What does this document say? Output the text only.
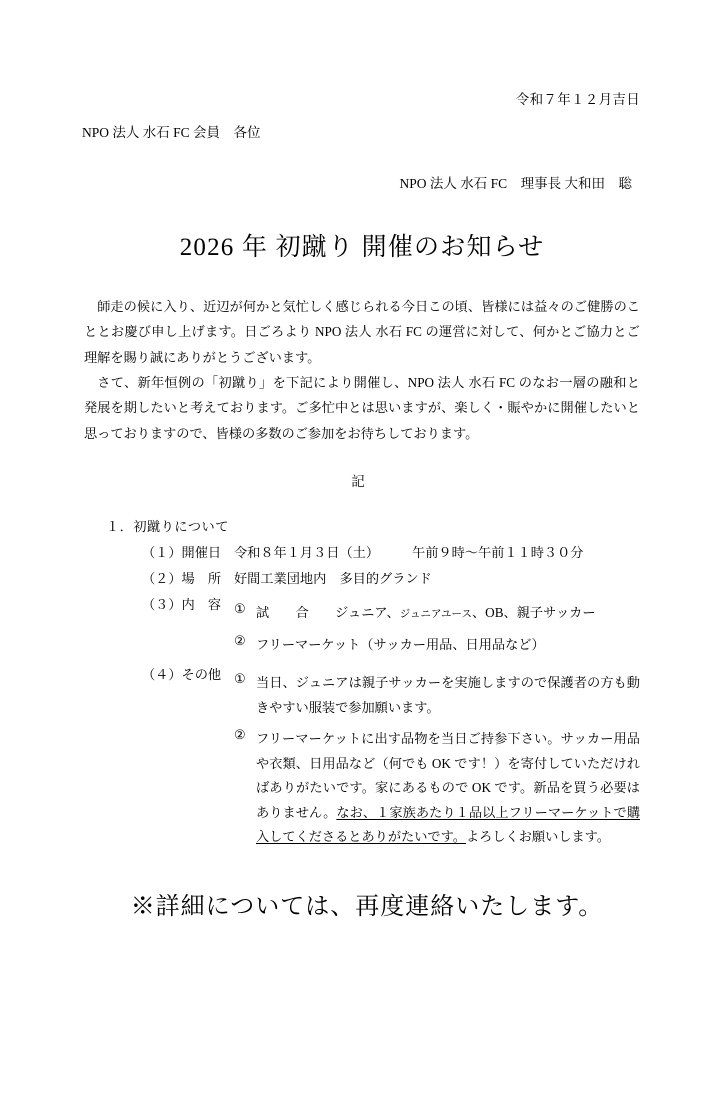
令和７年１２月吉日
NPO 法人 水石 FC 会員　各位
NPO 法人 水石 FC　理事長 大和田　聡
2026 年 初蹴り 開催のお知らせ

師走の候に入り、近辺が何かと気忙しく感じられる今日この頃、皆様には益々のご健勝のこととお慶び申し上げます。日ごろより NPO 法人 水石 FC の運営に対して、何かとご協力とご理解を賜り誠にありがとうございます。

さて、新年恒例の「初蹴り」を下記により開催し、NPO 法人 水石 FC のなお一層の融和と発展を期したいと考えております。ご多忙中とは思いますが、楽しく・賑やかに開催したいと思っておりますので、皆様の多数のご参加をお待ちしております。

記
１．初蹴りについて
（１）開催日 令和８年１月３日（土）　　　午前９時〜午前１１時３０分
（２）場　所 好間工業団地内　多目的グランド
（３）内　容 ① 試　　合　　ジュニア、ジュニアユース、OB、親子サッカー
② フリーマーケット（サッカー用品、日用品など）
（４）その他 ① 当日、ジュニアは親子サッカーを実施しますので保護者の方も動きやすい服装で参加願います。
② フリーマーケットに出す品物を当日ご持参下さい。サッカー用品や衣類、日用品など（何でも OK です！）を寄付していただければありがたいです。家にあるもので OK です。新品を買う必要はありません。なお、１家族あたり１品以上フリーマーケットで購入してくださるとありがたいです。よろしくお願いします。
※詳細については、再度連絡いたします。
